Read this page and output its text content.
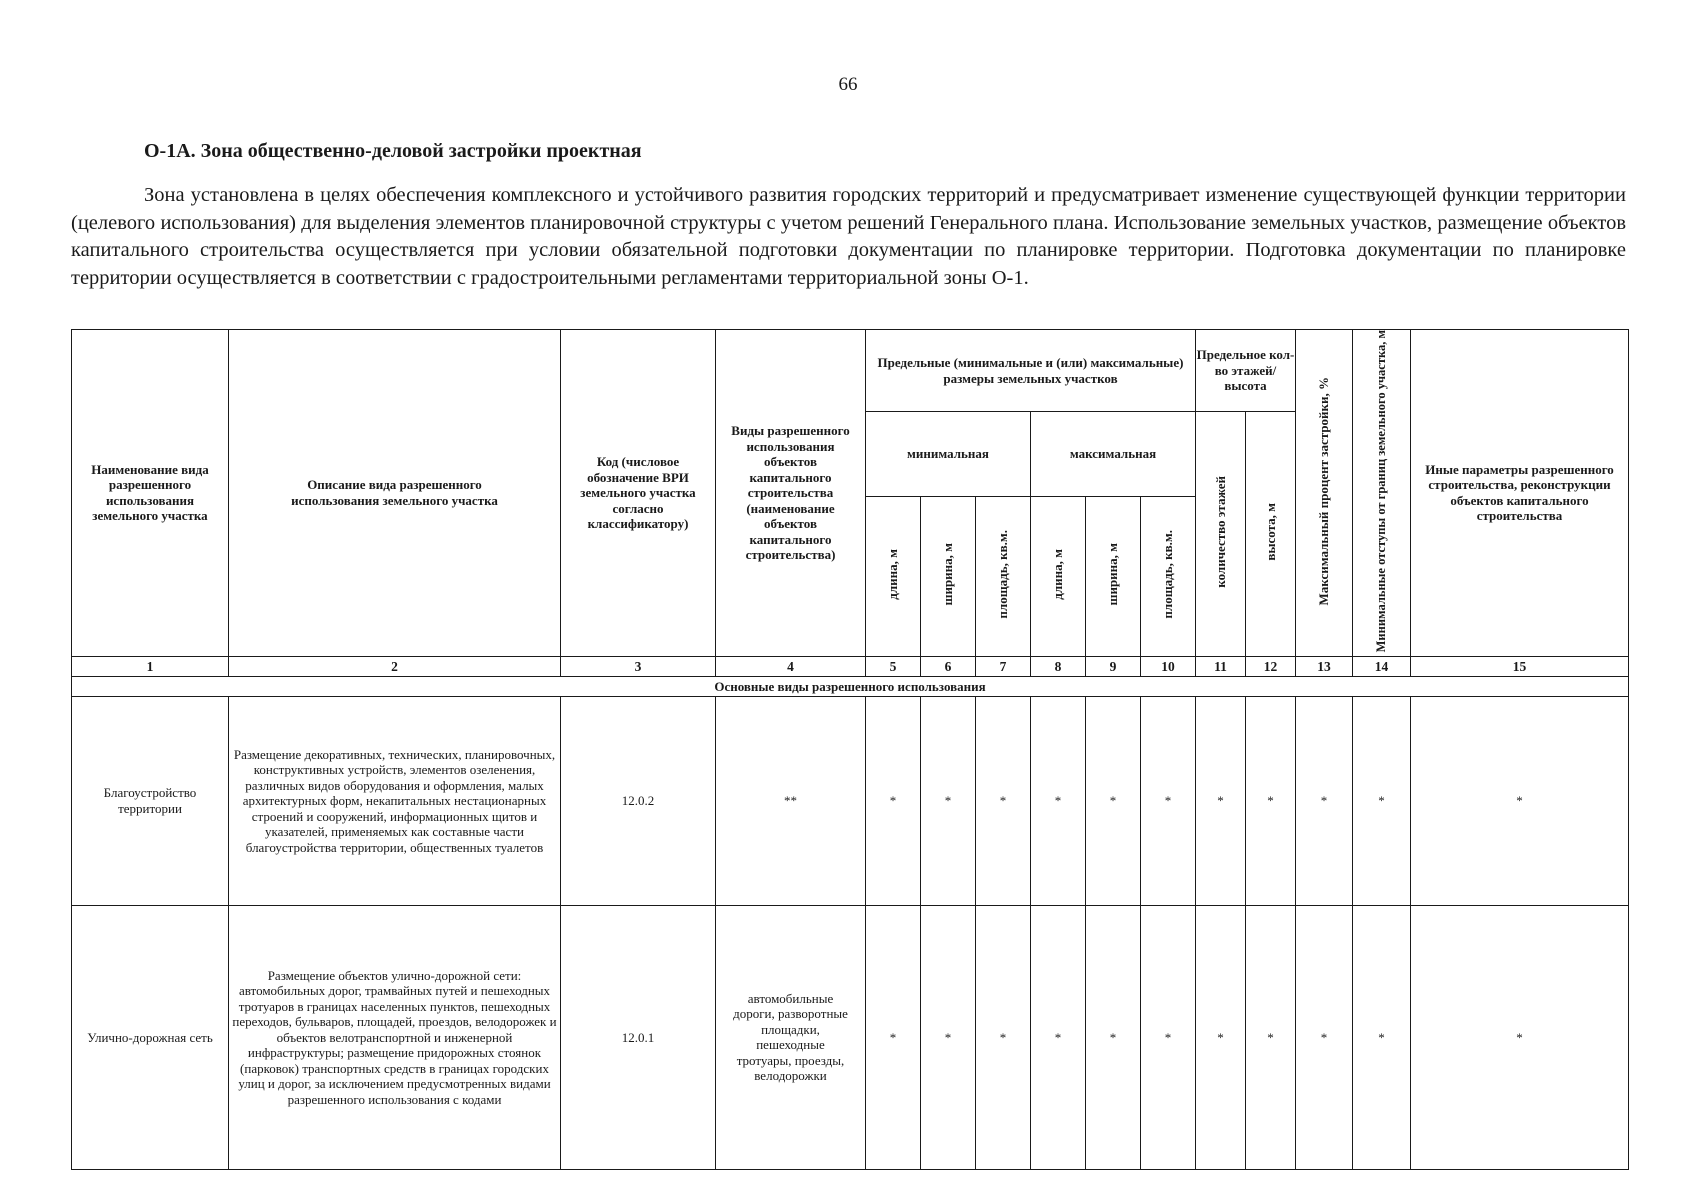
66
О-1А. Зона общественно-деловой застройки проектная

Зона установлена в целях обеспечения комплексного и устойчивого развития городских территорий и предусматривает изменение существующей функции территории (целевого использования) для выделения элементов планировочной структуры с учетом решений Генерального плана. Использование земельных участков, размещение объектов капитального строительства осуществляется при условии обязательной подготовки документации по планировке территории. Подготовка документации по планировке территории осуществляется в соответствии с градостроительными регламентами территориальной зоны О-1.

Наименование вида разрешенного использования земельного участка	Описание вида разрешенного использования земельного участка	Код (числовое обозначение ВРИ земельного участка согласно классификатору)	Виды разрешенного использования объектов капитального строительства (наименование объектов капитального строительства)	Предельные (минимальные и (или) максимальные) размеры земельных участков						Предельное кол-во этажей/ высота		Максимальный процент застройки, %	Минимальные отступы от границ земельного участка, м	Иные параметры разрешенного строительства, реконструкции объектов капитального строительства
				минимальная			максимальная			количество этажей	высота, м			
				длина, м	ширина, м	площадь, кв.м.	длина, м	ширина, м	площадь, кв.м.					
1	2	3	4	5	6	7	8	9	10	11	12	13	14	15
Основные виды разрешенного использования														
Благоустройство территории	Размещение декоративных, технических, планировочных, конструктивных устройств, элементов озеленения, различных видов оборудования и оформления, малых архитектурных форм, некапитальных нестационарных строений и сооружений, информационных щитов и указателей, применяемых как составные части благоустройства территории, общественных туалетов	12.0.2	**	*	*	*	*	*	*	*	*	*	*	*
Улично-дорожная сеть	Размещение объектов улично-дорожной сети: автомобильных дорог, трамвайных путей и пешеходных тротуаров в границах населенных пунктов, пешеходных переходов, бульваров, площадей, проездов, велодорожек и объектов велотранспортной и инженерной инфраструктуры; размещение придорожных стоянок (парковок) транспортных средств в границах городских улиц и дорог, за исключением предусмотренных видами разрешенного использования с кодами	12.0.1	автомобильные дороги, разворотные площадки, пешеходные тротуары, проезды, велодорожки	*	*	*	*	*	*	*	*	*	*	*
